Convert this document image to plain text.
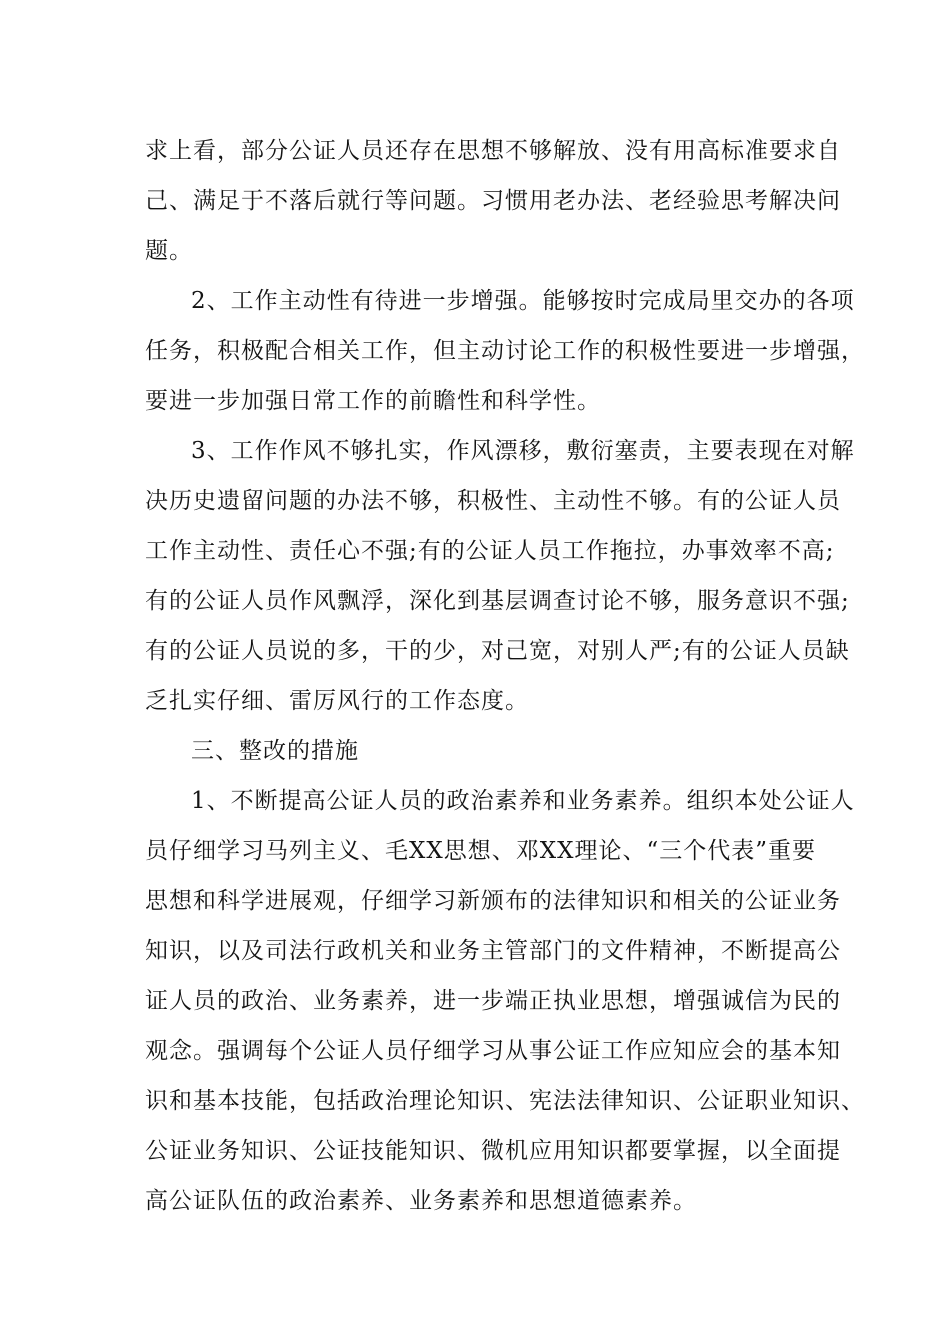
求上看，部分公证人员还存在思想不够解放、没有用高标准要求自
己、满足于不落后就行等问题。习惯用老办法、老经验思考解决问
题。
2、工作主动性有待进一步增强。能够按时完成局里交办的各项
任务，积极配合相关工作，但主动讨论工作的积极性要进一步增强，
要进一步加强日常工作的前瞻性和科学性。
3、工作作风不够扎实，作风漂移，敷衍塞责，主要表现在对解
决历史遗留问题的办法不够，积极性、主动性不够。有的公证人员
工作主动性、责任心不强;有的公证人员工作拖拉，办事效率不高;
有的公证人员作风飘浮，深化到基层调查讨论不够，服务意识不强;
有的公证人员说的多，干的少，对己宽，对别人严;有的公证人员缺
乏扎实仔细、雷厉风行的工作态度。
三、整改的措施
1、不断提高公证人员的政治素养和业务素养。组织本处公证人
员仔细学习马列主义、毛XX思想、邓XX理论、“三个代表”重要
思想和科学进展观，仔细学习新颁布的法律知识和相关的公证业务
知识，以及司法行政机关和业务主管部门的文件精神，不断提高公
证人员的政治、业务素养，进一步端正执业思想，增强诚信为民的
观念。强调每个公证人员仔细学习从事公证工作应知应会的基本知
识和基本技能，包括政治理论知识、宪法法律知识、公证职业知识、
公证业务知识、公证技能知识、微机应用知识都要掌握，以全面提
高公证队伍的政治素养、业务素养和思想道德素养。
